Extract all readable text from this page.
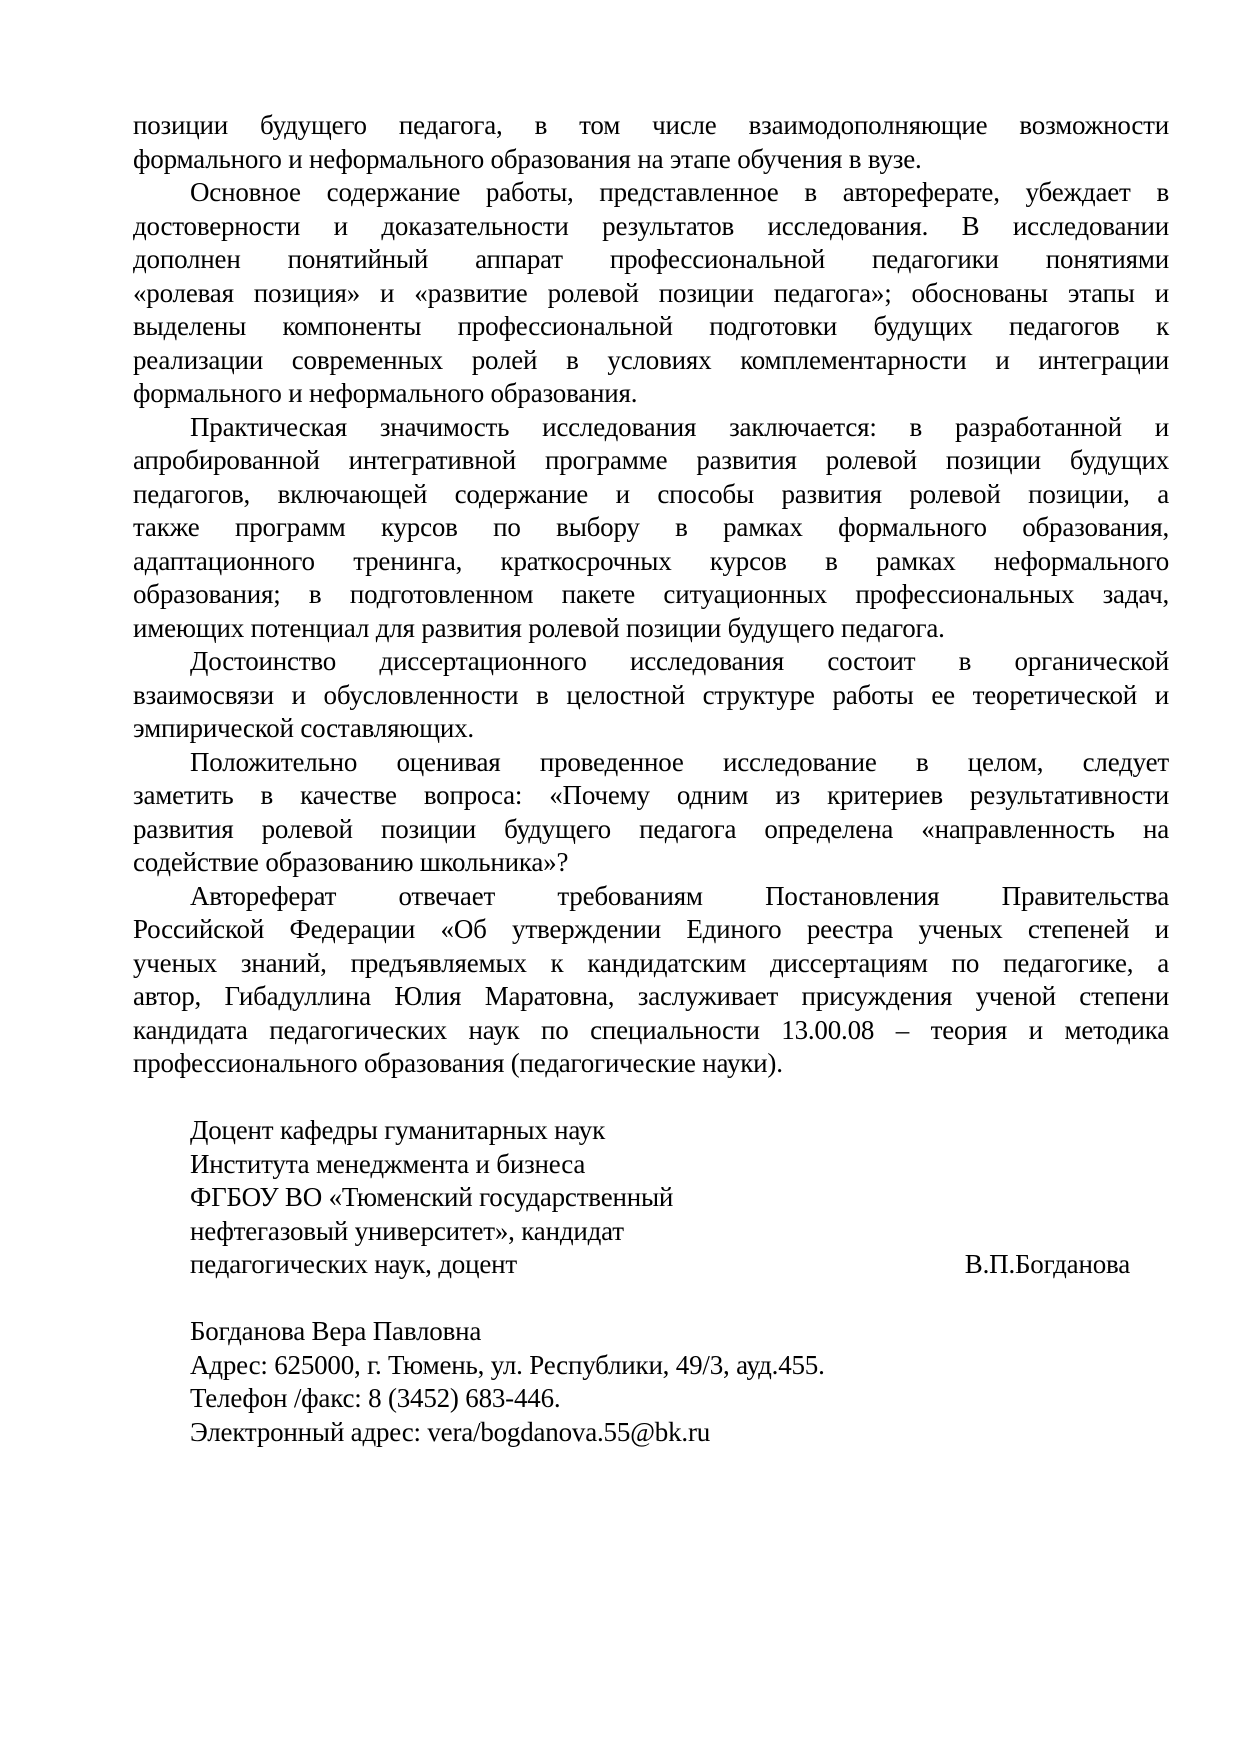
позиции будущего педагога, в том числе взаимодополняющие возможности
формального и неформального образования на этапе обучения в вузе.
Основное содержание работы, представленное в автореферате, убеждает в
достоверности и доказательности результатов исследования. В исследовании
дополнен понятийный аппарат профессиональной педагогики понятиями
«ролевая позиция» и «развитие ролевой позиции педагога»; обоснованы этапы и
выделены компоненты профессиональной подготовки будущих педагогов к
реализации современных ролей в условиях комплементарности и интеграции
формального и неформального образования.
Практическая значимость исследования заключается: в разработанной и
апробированной интегративной программе развития ролевой позиции будущих
педагогов, включающей содержание и способы развития ролевой позиции, а
также программ курсов по выбору в рамках формального образования,
адаптационного тренинга, краткосрочных курсов в рамках неформального
образования; в подготовленном пакете ситуационных профессиональных задач,
имеющих потенциал для развития ролевой позиции будущего педагога.
Достоинство диссертационного исследования состоит в органической
взаимосвязи и обусловленности в целостной структуре работы ее теоретической и
эмпирической составляющих.
Положительно оценивая проведенное исследование в целом, следует
заметить в качестве вопроса: «Почему одним из критериев результативности
развития ролевой позиции будущего педагога определена «направленность на
содействие образованию школьника»?
Автореферат отвечает требованиям Постановления Правительства
Российской Федерации «Об утверждении Единого реестра ученых степеней и
ученых знаний, предъявляемых к кандидатским диссертациям по педагогике, а
автор, Гибадуллина Юлия Маратовна, заслуживает присуждения ученой степени
кандидата педагогических наук по специальности 13.00.08 – теория и методика
профессионального образования (педагогические науки).
Доцент кафедры гуманитарных наук
Института менеджмента и бизнеса
ФГБОУ ВО «Тюменский государственный
нефтегазовый университет», кандидат
педагогических наук, доцент	В.П.Богданова
Богданова Вера Павловна
Адрес: 625000, г. Тюмень, ул. Республики, 49/3, ауд.455.
Телефон /факс: 8 (3452) 683-446.
Электронный адрес: vera/bogdanova.55@bk.ru
